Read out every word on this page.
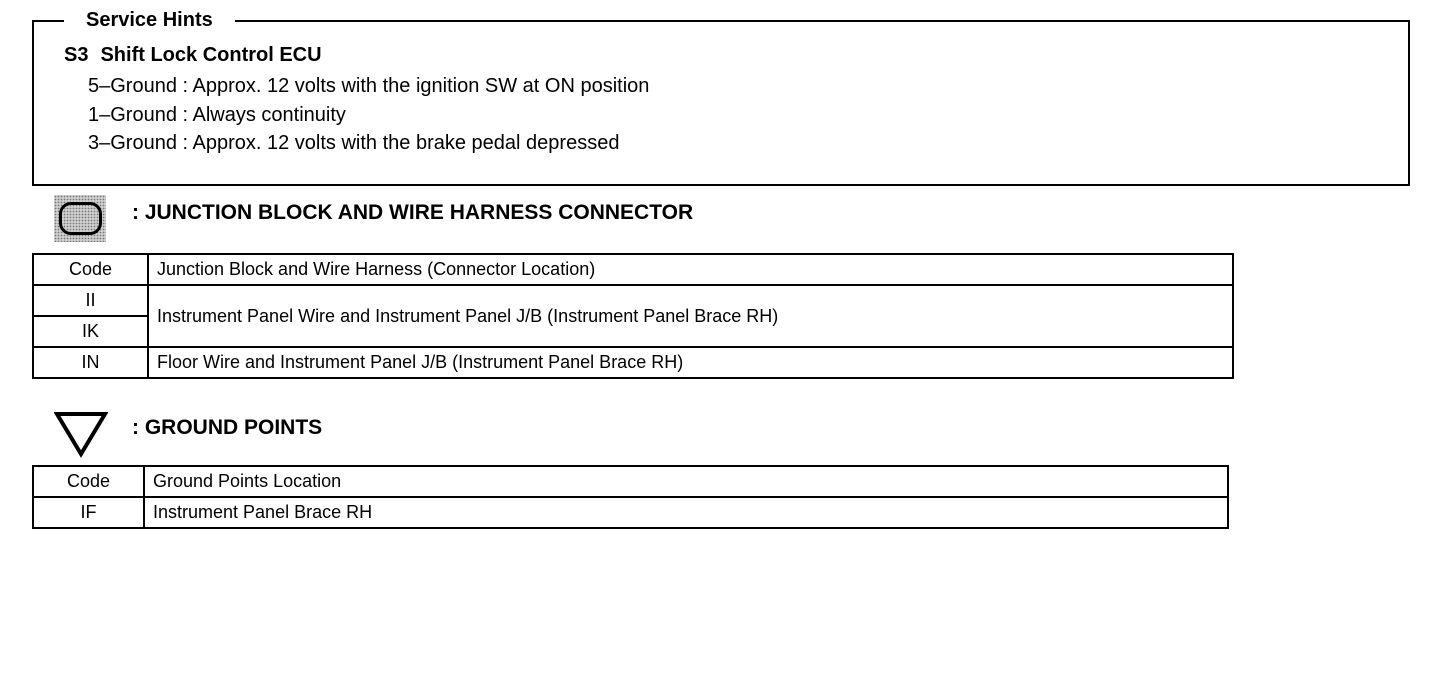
Service Hints
S3 Shift Lock Control ECU
5–Ground : Approx. 12 volts with the ignition SW at ON position
1–Ground : Always continuity
3–Ground : Approx. 12 volts with the brake pedal depressed
: JUNCTION BLOCK AND WIRE HARNESS CONNECTOR
Code	Junction Block and Wire Harness (Connector Location)
II	Instrument Panel Wire and Instrument Panel J/B (Instrument Panel Brace RH)
IK	
IN	Floor Wire and Instrument Panel J/B (Instrument Panel Brace RH)
: GROUND POINTS
Code	Ground Points Location
IF	Instrument Panel Brace RH
